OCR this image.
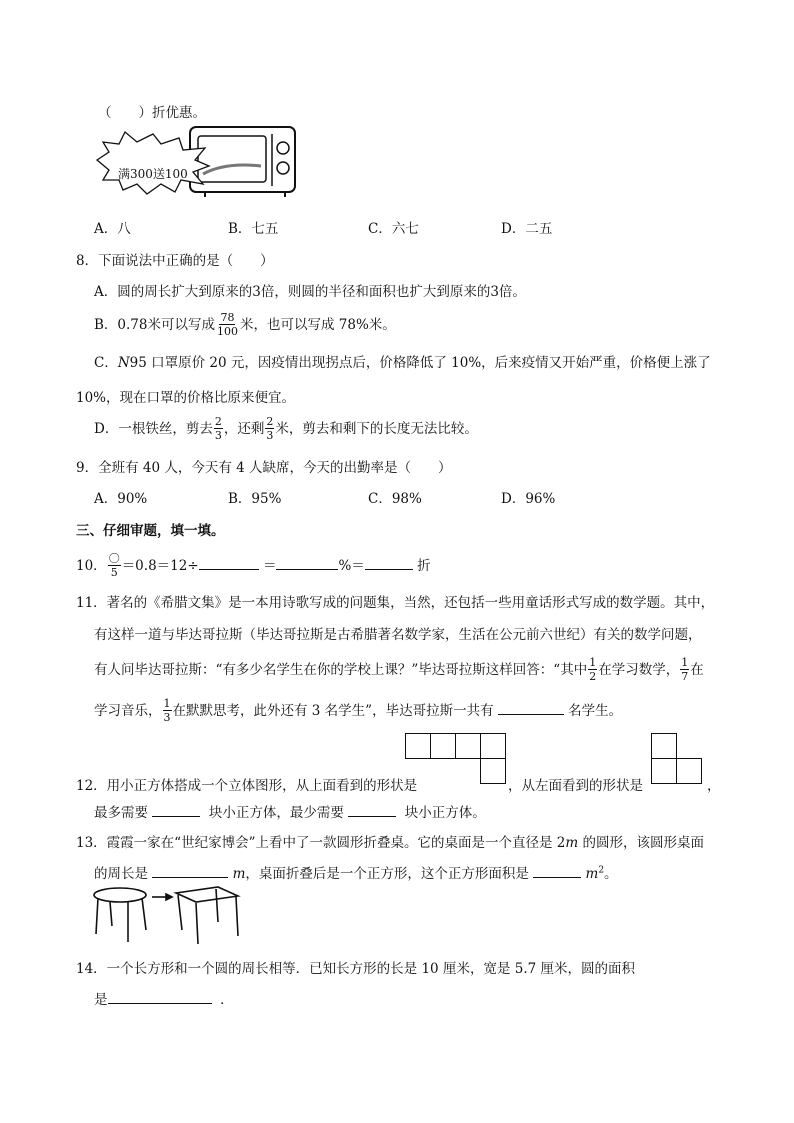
（　　）折优惠。
满300送100
A．八	B．七五	C．六七	D．二五
8．下面说法中正确的是（　　）
A．圆的周长扩大到原来的3倍，则圆的半径和面积也扩大到原来的3倍。
B．0.78米可以写成 $\frac{78}{100}$ 米，也可以写成 78%米。
C．N95 口罩原价 20 元，因疫情出现拐点后，价格降低了 10%，后来疫情又开始严重，价格便上涨了
10%，现在口罩的价格比原来便宜。
D．一根铁丝，剪去 $\frac{2}{3}$ ，还剩 $\frac{2}{3}$ 米，剪去和剩下的长度无法比较。
9．全班有 40 人，今天有 4 人缺席，今天的出勤率是（　　）
A．90%	B．95%	C．98%	D．96%
三、仔细审题，填一填。
10． $\frac{\text{〇}}{5} =0.8=12\div$	＝	%＝	折
11．著名的《希腊文集》是一本用诗歌写成的问题集，当然，还包括一些用童话形式写成的数学题。其中，
有这样一道与毕达哥拉斯（毕达哥拉斯是古希腊著名数学家，生活在公元前六世纪）有关的数学问题，
有人问毕达哥拉斯：“有多少名学生在你的学校上课？”毕达哥拉斯这样回答：“其中 $\frac{1}{2}$ 在学习数学， $\frac{1}{7}$ 在
学习音乐， $\frac{1}{3}$ 在默默思考，此外还有 3 名学生”，毕达哥拉斯一共有	名学生。
12．用小正方体搭成一个立体图形，从上面看到的形状是	，从左面看到的形状是	，
最多需要	块小正方体，最少需要	块小正方体。
13．霞霞一家在“世纪家博会”上看中了一款圆形折叠桌。它的桌面是一个直径是 2m 的圆形，该圆形桌面
的周长是	m，桌面折叠后是一个正方形，这个正方形面积是	$m^2$。
14．一个长方形和一个圆的周长相等．已知长方形的长是 10 厘米，宽是 5.7 厘米，圆的面积
是	．
